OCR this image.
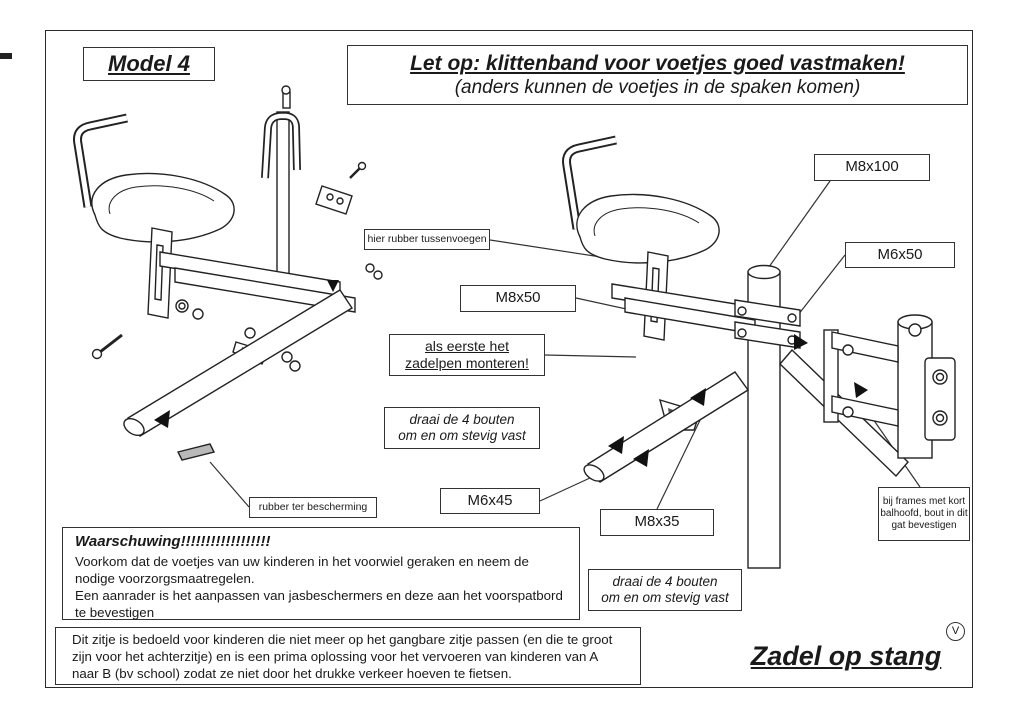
Model 4	Let op: klittenband voor voetjes goed vastmaken!
(anders kunnen de voetjes in de spaken komen)
hier rubber tussenvoegen
M8x100
M6x50
M8x50
M6x45
M8x35
als eerste het
zadelpen monteren!
draai de 4 bouten
om en om stevig vast
rubber ter bescherming	bij frames met kort
balhoofd, bout in dit
gat bevestigen
Waarschuwing!!!!!!!!!!!!!!!!!!
Voorkom dat de voetjes van uw kinderen in het voorwiel geraken en neem de
nodige voorzorgsmaatregelen.
Een aanrader is het aanpassen van jasbeschermers en deze aan het voorspatbord
te bevestigen
draai de 4 bouten
om en om stevig vast
Dit zitje is bedoeld voor kinderen die niet meer op het gangbare zitje passen (en die te groot
zijn voor het achterzitje) en is een prima oplossing voor het vervoeren van kinderen van A
naar B (bv school) zodat ze niet door het drukke verkeer hoeven te fietsen.
Zadel op stang
V
